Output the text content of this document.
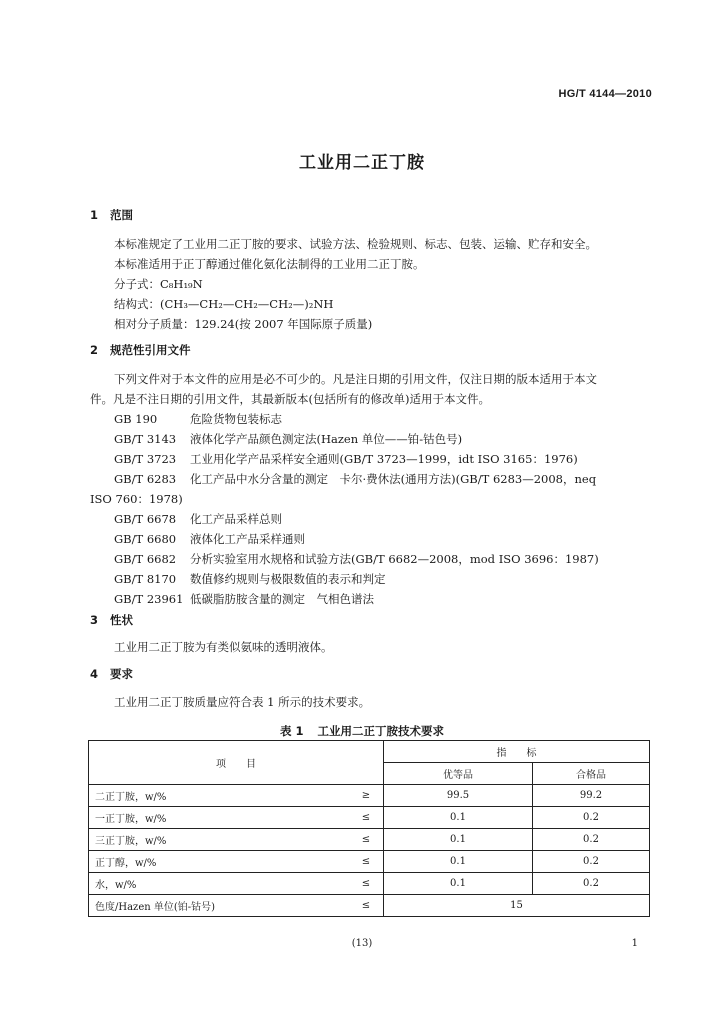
HG/T 4144—2010
工业用二正丁胺
1 范围
本标准规定了工业用二正丁胺的要求、试验方法、检验规则、标志、包装、运输、贮存和安全。
本标准适用于正丁醇通过催化氨化法制得的工业用二正丁胺。
分子式：C₈H₁₉N
结构式：(CH₃—CH₂—CH₂—CH₂—)₂NH
相对分子质量：129.24(按 2007 年国际原子质量)
2 规范性引用文件
下列文件对于本文件的应用是必不可少的。凡是注日期的引用文件，仅注日期的版本适用于本文
件。凡是不注日期的引用文件，其最新版本(包括所有的修改单)适用于本文件。
GB 190	危险货物包装标志
GB/T 3143 液体化学产品颜色测定法(Hazen 单位——铂-钴色号)
GB/T 3723 工业用化学产品采样安全通则(GB/T 3723—1999，idt ISO 3165：1976)
GB/T 6283 化工产品中水分含量的测定　卡尔·费休法(通用方法)(GB/T 6283—2008，neq
ISO 760：1978)
GB/T 6678 化工产品采样总则
GB/T 6680 液体化工产品采样通则
GB/T 6682 分析实验室用水规格和试验方法(GB/T 6682—2008，mod ISO 3696：1987)
GB/T 8170 数值修约规则与极限数值的表示和判定
GB/T 23961 低碳脂肪胺含量的测定　气相色谱法
3 性状
工业用二正丁胺为有类似氨味的透明液体。
4 要求
工业用二正丁胺质量应符合表 1 所示的技术要求。
表 1 工业用二正丁胺技术要求
项　　目		指　　标	
		优等品	合格品
二正丁胺，w/%	≥	99.5	99.2
一正丁胺，w/%	≤	0.1	0.2
三正丁胺，w/%	≤	0.1	0.2
正丁醇，w/%	≤	0.1	0.2
水，w/%	≤	0.1	0.2
色度/Hazen 单位(铂-钴号)	≤	15	
(13)	1
